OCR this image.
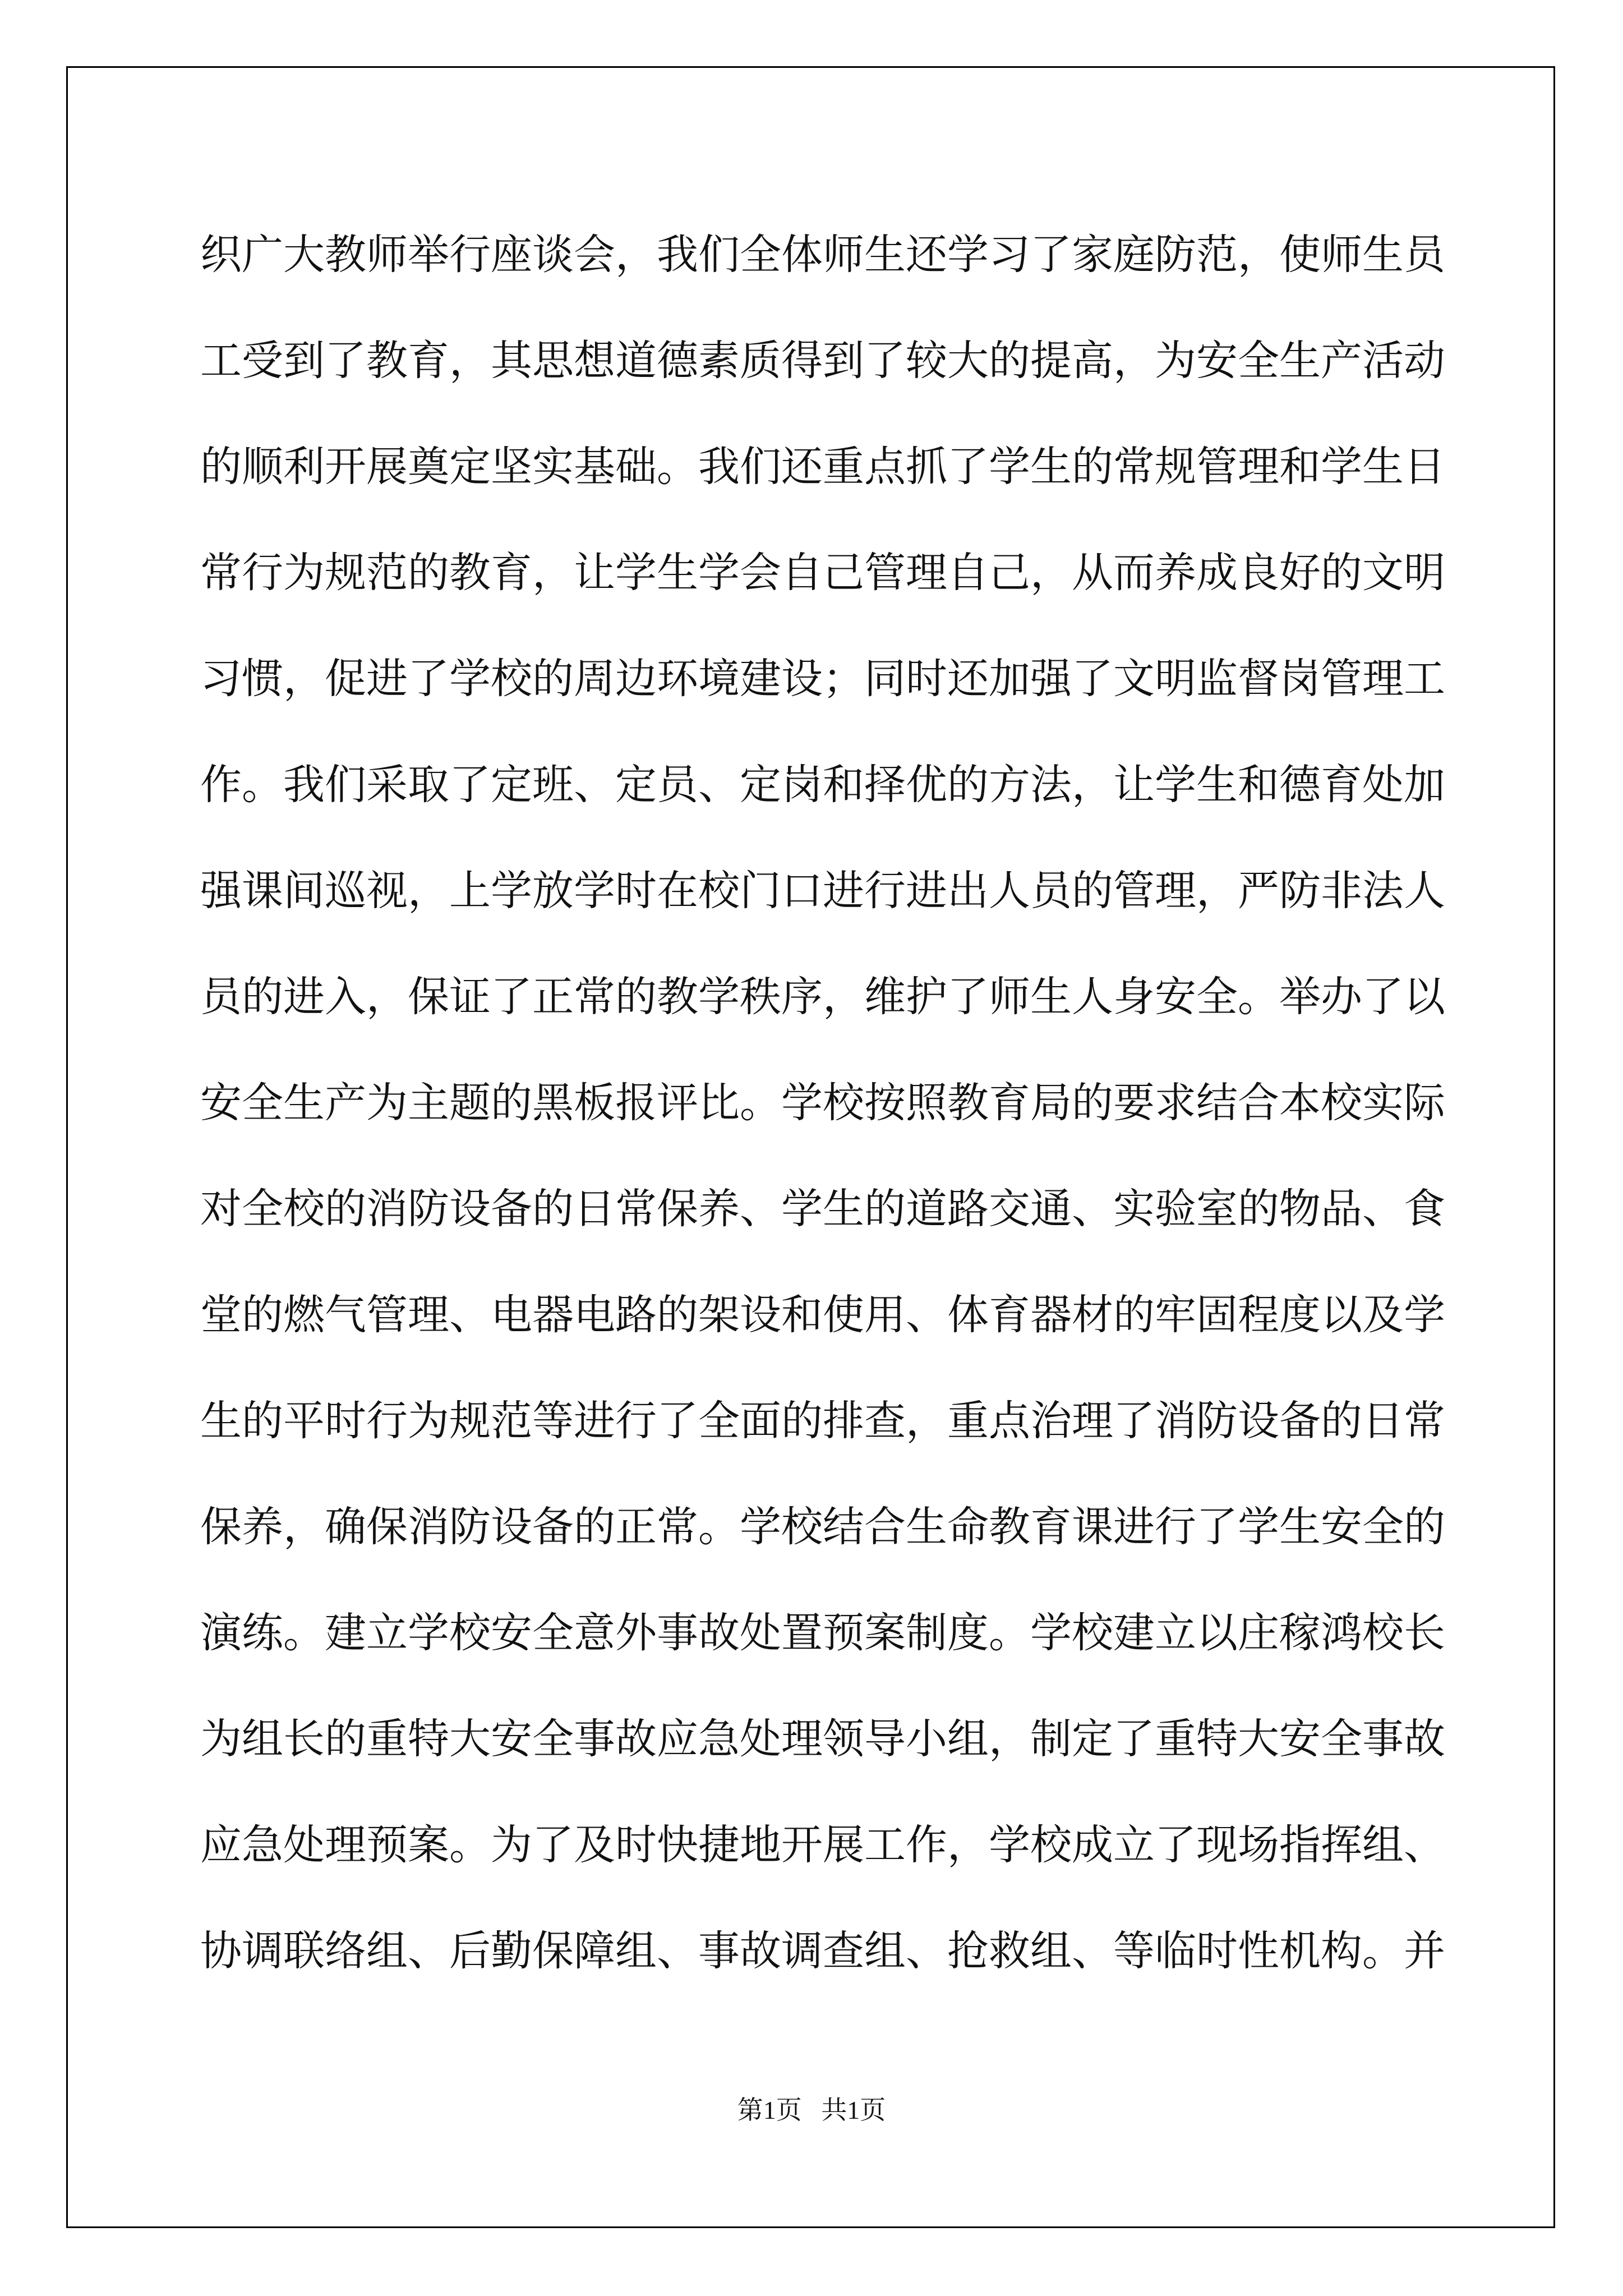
织广大教师举行座谈会，我们全体师生还学习了家庭防范，使师生员
工受到了教育，其思想道德素质得到了较大的提高，为安全生产活动
的顺利开展奠定坚实基础。我们还重点抓了学生的常规管理和学生日
常行为规范的教育，让学生学会自己管理自己，从而养成良好的文明
习惯，促进了学校的周边环境建设；同时还加强了文明监督岗管理工
作。我们采取了定班、定员、定岗和择优的方法，让学生和德育处加
强课间巡视，上学放学时在校门口进行进出人员的管理，严防非法人
员的进入，保证了正常的教学秩序，维护了师生人身安全。举办了以
安全生产为主题的黑板报评比。学校按照教育局的要求结合本校实际
对全校的消防设备的日常保养、学生的道路交通、实验室的物品、食
堂的燃气管理、电器电路的架设和使用、体育器材的牢固程度以及学
生的平时行为规范等进行了全面的排查，重点治理了消防设备的日常
保养，确保消防设备的正常。学校结合生命教育课进行了学生安全的
演练。建立学校安全意外事故处置预案制度。学校建立以庄稼鸿校长
为组长的重特大安全事故应急处理领导小组，制定了重特大安全事故
应急处理预案。为了及时快捷地开展工作，学校成立了现场指挥组、
协调联络组、后勤保障组、事故调查组、抢救组、等临时性机构。并
第1页   共1页
